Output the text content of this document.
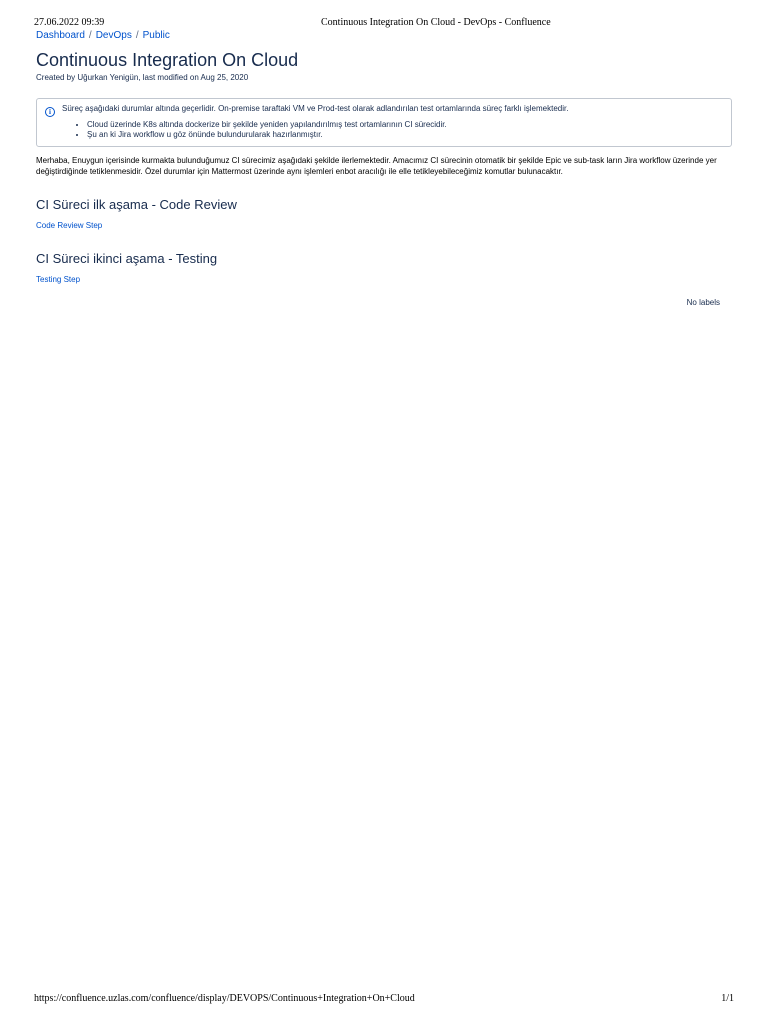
27.06.2022 09:39	Continuous Integration On Cloud - DevOps - Confluence
Dashboard / DevOps / Public
Continuous Integration On Cloud
Created by Uğurkan Yenigün, last modified on Aug 25, 2020
i	Süreç aşağıdaki durumlar altında geçerlidir. On-premise taraftaki VM ve Prod-test olarak adlandırılan test ortamlarında süreç farklı işlemektedir.
• Cloud üzerinde K8s altında dockerize bir şekilde yeniden yapılandırılmış test ortamlarının CI sürecidir.
• Şu an ki Jira workflow u göz önünde bulundurularak hazırlanmıştır.

Merhaba, Enuygun içerisinde kurmakta bulunduğumuz CI sürecimiz aşağıdaki şekilde ilerlemektedir. Amacımız CI sürecinin otomatik bir şekilde Epic ve sub-task ların Jira workflow üzerinde yer değiştirdiğinde tetiklenmesidir. Özel durumlar için Mattermost üzerinde aynı işlemleri enbot aracılığı ile elle tetikleyebileceğimiz komutlar bulunacaktır.

CI Süreci ilk aşama - Code Review
Code Review Step
CI Süreci ikinci aşama - Testing
Testing Step
No labels
https://confluence.uzlas.com/confluence/display/DEVOPS/Continuous+Integration+On+Cloud	1/1
